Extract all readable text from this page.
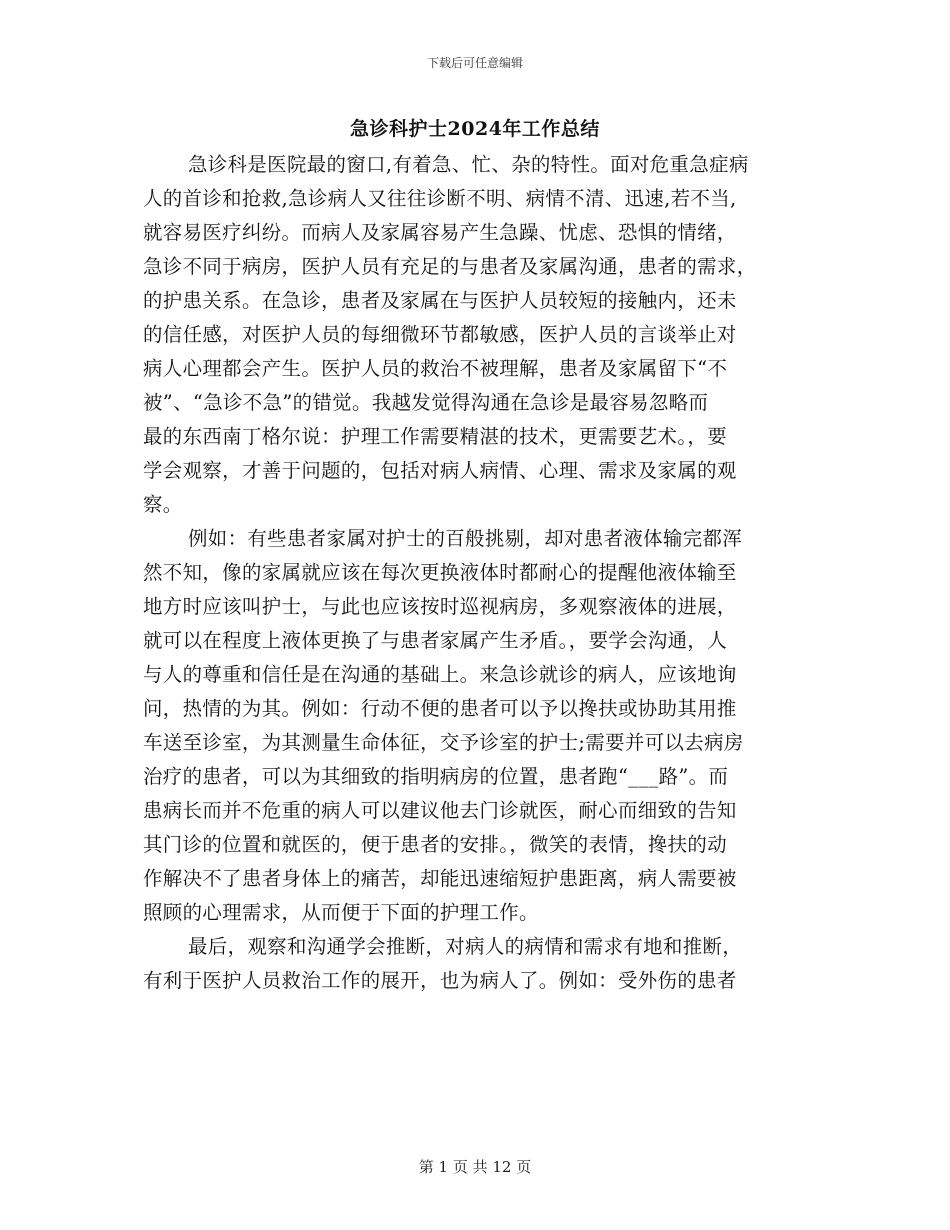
下载后可任意编辑
急诊科护士2024年工作总结
急诊科是医院最的窗口,有着急、忙、杂的特性。面对危重急症病
人的首诊和抢救,急诊病人又往往诊断不明、病情不清、迅速,若不当,
就容易医疗纠纷。而病人及家属容易产生急躁、忧虑、恐惧的情绪，
急诊不同于病房，医护人员有充足的与患者及家属沟通，患者的需求，
的护患关系。在急诊，患者及家属在与医护人员较短的接触内，还未
的信任感，对医护人员的每细微环节都敏感，医护人员的言谈举止对
病人心理都会产生。医护人员的救治不被理解，患者及家属留下“不
被”、“急诊不急”的错觉。我越发觉得沟通在急诊是最容易忽略而
最的东西南丁格尔说：护理工作需要精湛的技术，更需要艺术。，要
学会观察，才善于问题的，包括对病人病情、心理、需求及家属的观
察。
例如：有些患者家属对护士的百般挑剔，却对患者液体输完都浑
然不知，像的家属就应该在每次更换液体时都耐心的提醒他液体输至
地方时应该叫护士，与此也应该按时巡视病房，多观察液体的进展，
就可以在程度上液体更换了与患者家属产生矛盾。，要学会沟通，人
与人的尊重和信任是在沟通的基础上。来急诊就诊的病人，应该地询
问，热情的为其。例如：行动不便的患者可以予以搀扶或协助其用推
车送至诊室，为其测量生命体征，交予诊室的护士;需要并可以去病房
治疗的患者，可以为其细致的指明病房的位置，患者跑“___路”。而
患病长而并不危重的病人可以建议他去门诊就医，耐心而细致的告知
其门诊的位置和就医的，便于患者的安排。，微笑的表情，搀扶的动
作解决不了患者身体上的痛苦，却能迅速缩短护患距离，病人需要被
照顾的心理需求，从而便于下面的护理工作。
最后，观察和沟通学会推断，对病人的病情和需求有地和推断，
有利于医护人员救治工作的展开，也为病人了。例如：受外伤的患者
第 1 页 共 12 页
